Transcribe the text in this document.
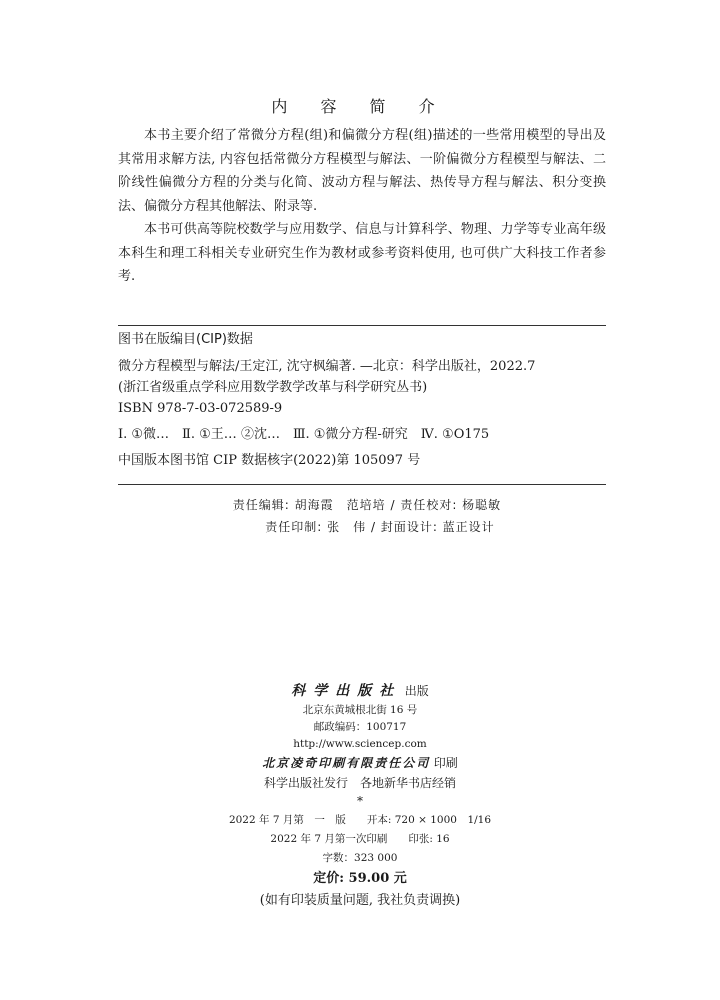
内 容 简 介

本书主要介绍了常微分方程(组)和偏微分方程(组)描述的一些常用模型的导出及其常用求解方法, 内容包括常微分方程模型与解法、一阶偏微分方程模型与解法、二阶线性偏微分方程的分类与化简、波动方程与解法、热传导方程与解法、积分变换法、偏微分方程其他解法、附录等.

本书可供高等院校数学与应用数学、信息与计算科学、物理、力学等专业高年级本科生和理工科相关专业研究生作为教材或参考资料使用, 也可供广大科技工作者参考.

图书在版编目(CIP)数据
微分方程模型与解法/王定江, 沈守枫编著. —北京：科学出版社，2022.7
(浙江省级重点学科应用数学教学改革与科学研究丛书)
ISBN 978-7-03-072589-9
Ⅰ. ①微…　Ⅱ. ①王… ②沈…　Ⅲ. ①微分方程-研究　Ⅳ. ①O175
中国版本图书馆 CIP 数据核字(2022)第 105097 号
责任编辑: 胡海霞　范培培 / 责任校对: 杨聪敏
责任印制: 张　伟 / 封面设计: 蓝正设计
科学出版社 出版
北京东黄城根北街 16 号
邮政编码：100717
http://www.sciencep.com
北京凌奇印刷有限责任公司 印刷
科学出版社发行　各地新华书店经销
*
2022 年 7 月第　一　版　　开本: 720 × 1000　1/16
2022 年 7 月第一次印刷　　印张: 16
字数：323 000
定价: 59.00 元
(如有印装质量问题, 我社负责调换)
